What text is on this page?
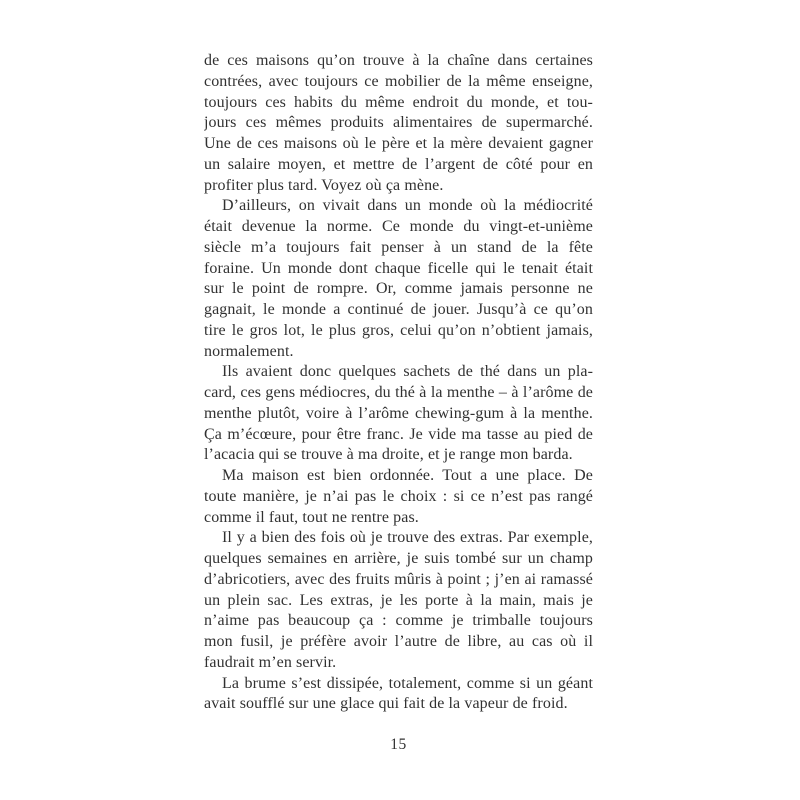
de ces maisons qu’on trouve à la chaîne dans certaines
contrées, avec toujours ce mobilier de la même enseigne,
toujours ces habits du même endroit du monde, et tou-
jours ces mêmes produits alimentaires de supermarché.
Une de ces maisons où le père et la mère devaient gagner
un salaire moyen, et mettre de l’argent de côté pour en
profiter plus tard. Voyez où ça mène.

D’ailleurs, on vivait dans un monde où la médiocrité
était devenue la norme. Ce monde du vingt-et-unième
siècle m’a toujours fait penser à un stand de la fête
foraine. Un monde dont chaque ficelle qui le tenait était
sur le point de rompre. Or, comme jamais personne ne
gagnait, le monde a continué de jouer. Jusqu’à ce qu’on
tire le gros lot, le plus gros, celui qu’on n’obtient jamais,
normalement.

Ils avaient donc quelques sachets de thé dans un pla-
card, ces gens médiocres, du thé à la menthe – à l’arôme de
menthe plutôt, voire à l’arôme chewing-gum à la menthe.
Ça m’écœure, pour être franc. Je vide ma tasse au pied de
l’acacia qui se trouve à ma droite, et je range mon barda.

Ma maison est bien ordonnée. Tout a une place. De
toute manière, je n’ai pas le choix : si ce n’est pas rangé
comme il faut, tout ne rentre pas.

Il y a bien des fois où je trouve des extras. Par exemple,
quelques semaines en arrière, je suis tombé sur un champ
d’abricotiers, avec des fruits mûris à point ; j’en ai ramassé
un plein sac. Les extras, je les porte à la main, mais je
n’aime pas beaucoup ça : comme je trimballe toujours
mon fusil, je préfère avoir l’autre de libre, au cas où il
faudrait m’en servir.

La brume s’est dissipée, totalement, comme si un géant
avait soufflé sur une glace qui fait de la vapeur de froid.

15
